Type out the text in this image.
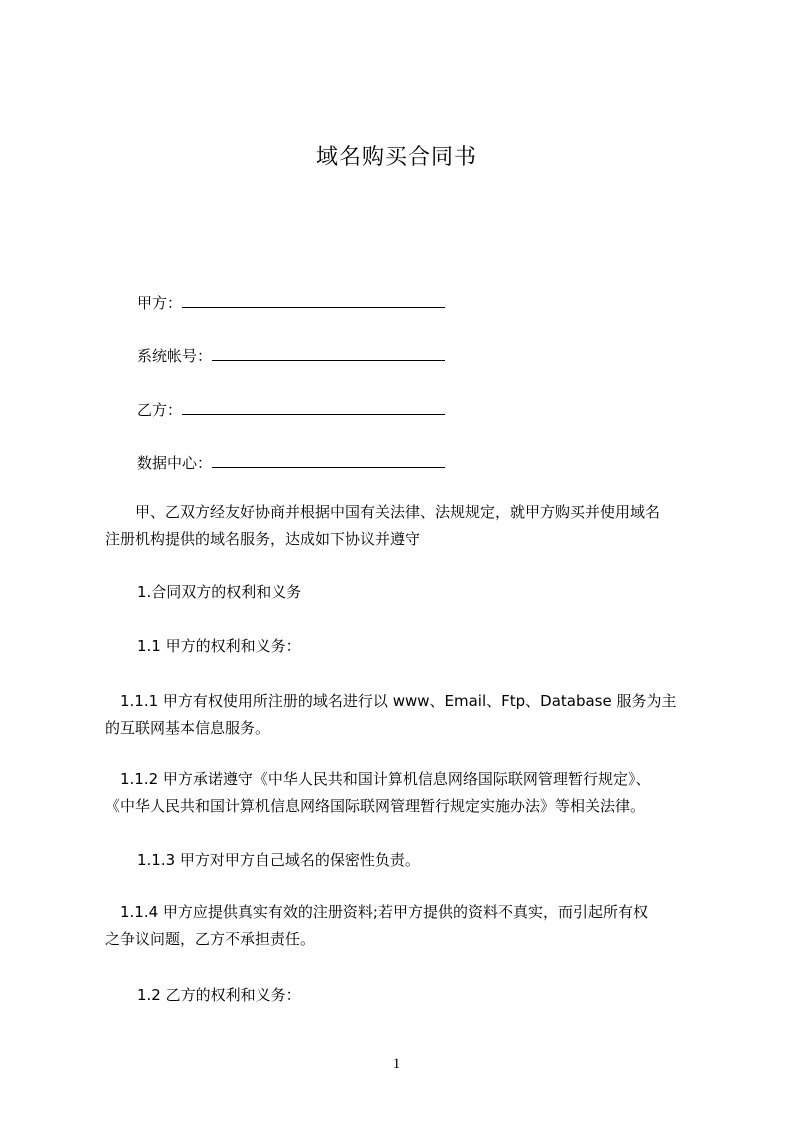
域名购买合同书
甲方：
系统帐号：
乙方：
数据中心：
　　甲、乙双方经友好协商并根据中国有关法律、法规规定，就甲方购买并使用域名
注册机构提供的域名服务，达成如下协议并遵守
1.合同双方的权利和义务
1.1 甲方的权利和义务：
　1.1.1 甲方有权使用所注册的域名进行以 www、Email、Ftp、Database 服务为主
的互联网基本信息服务。
　1.1.2 甲方承诺遵守《中华人民共和国计算机信息网络国际联网管理暂行规定》、
《中华人民共和国计算机信息网络国际联网管理暂行规定实施办法》等相关法律。
1.1.3 甲方对甲方自己域名的保密性负责。
　1.1.4 甲方应提供真实有效的注册资料;若甲方提供的资料不真实，而引起所有权
之争议问题，乙方不承担责任。
1.2 乙方的权利和义务：
1
